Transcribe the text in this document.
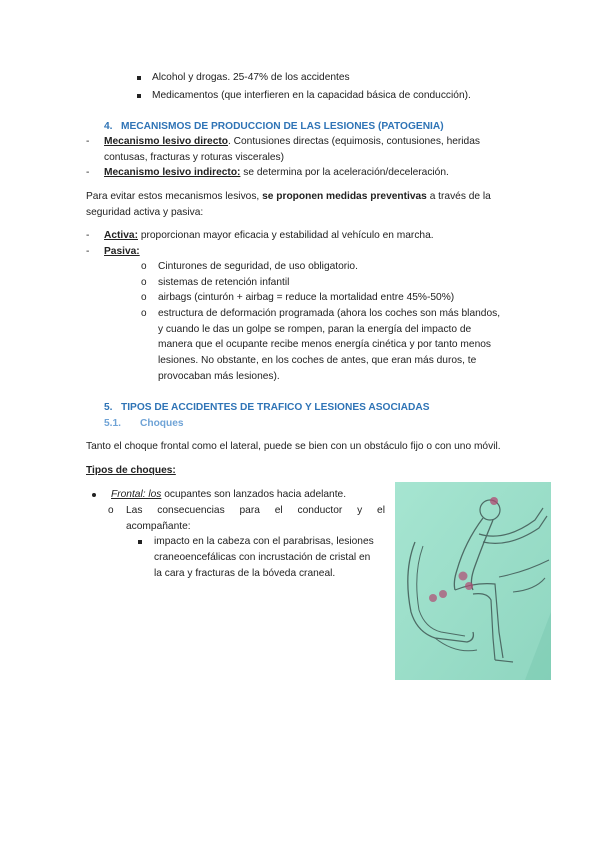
Alcohol y drogas. 25-47% de los accidentes
Medicamentos (que interfieren en la capacidad básica de conducción).
4. MECANISMOS DE PRODUCCION DE LAS LESIONES (PATOGENIA)
- Mecanismo lesivo directo. Contusiones directas (equimosis, contusiones, heridas
contusas, fracturas y roturas viscerales)
- Mecanismo lesivo indirecto: se determina por la aceleración/deceleración.
Para evitar estos mecanismos lesivos, se proponen medidas preventivas a través de la
seguridad activa y pasiva:
- Activa: proporcionan mayor eficacia y estabilidad al vehículo en marcha.
- Pasiva:
o Cinturones de seguridad, de uso obligatorio.
o sistemas de retención infantil
o airbags (cinturón + airbag = reduce la mortalidad entre 45%-50%)
o estructura de deformación programada (ahora los coches son más blandos,
y cuando le das un golpe se rompen, paran la energía del impacto de
manera que el ocupante recibe menos energía cinética y por tanto menos
lesiones. No obstante, en los coches de antes, que eran más duros, te
provocaban más lesiones).
5. TIPOS DE ACCIDENTES DE TRAFICO Y LESIONES ASOCIADAS
5.1. Choques
Tanto el choque frontal como el lateral, puede se bien con un obstáculo fijo o con uno móvil.
Tipos de choques:
Frontal: los ocupantes son lanzados hacia adelante.
o Las consecuencias para el conductor y el
acompañante:
impacto en la cabeza con el parabrisas, lesiones
craneoencefálicas con incrustación de cristal en
la cara y fracturas de la bóveda craneal.
